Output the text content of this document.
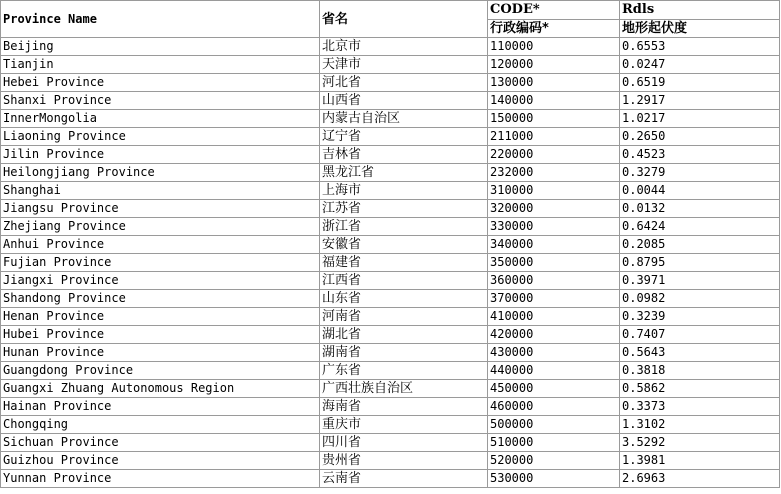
Province Name	省名	CODE*	Rdls
		行政编码*	地形起伏度
Beijing	北京市	110000	0.6553
Tianjin	天津市	120000	0.0247
Hebei Province	河北省	130000	0.6519
Shanxi Province	山西省	140000	1.2917
InnerMongolia	内蒙古自治区	150000	1.0217
Liaoning Province	辽宁省	211000	0.2650
Jilin Province	吉林省	220000	0.4523
Heilongjiang Province	黑龙江省	232000	0.3279
Shanghai	上海市	310000	0.0044
Jiangsu Province	江苏省	320000	0.0132
Zhejiang Province	浙江省	330000	0.6424
Anhui Province	安徽省	340000	0.2085
Fujian Province	福建省	350000	0.8795
Jiangxi Province	江西省	360000	0.3971
Shandong Province	山东省	370000	0.0982
Henan Province	河南省	410000	0.3239
Hubei Province	湖北省	420000	0.7407
Hunan Province	湖南省	430000	0.5643
Guangdong Province	广东省	440000	0.3818
Guangxi Zhuang Autonomous Region	广西壮族自治区	450000	0.5862
Hainan Province	海南省	460000	0.3373
Chongqing	重庆市	500000	1.3102
Sichuan Province	四川省	510000	3.5292
Guizhou Province	贵州省	520000	1.3981
Yunnan Province	云南省	530000	2.6963
